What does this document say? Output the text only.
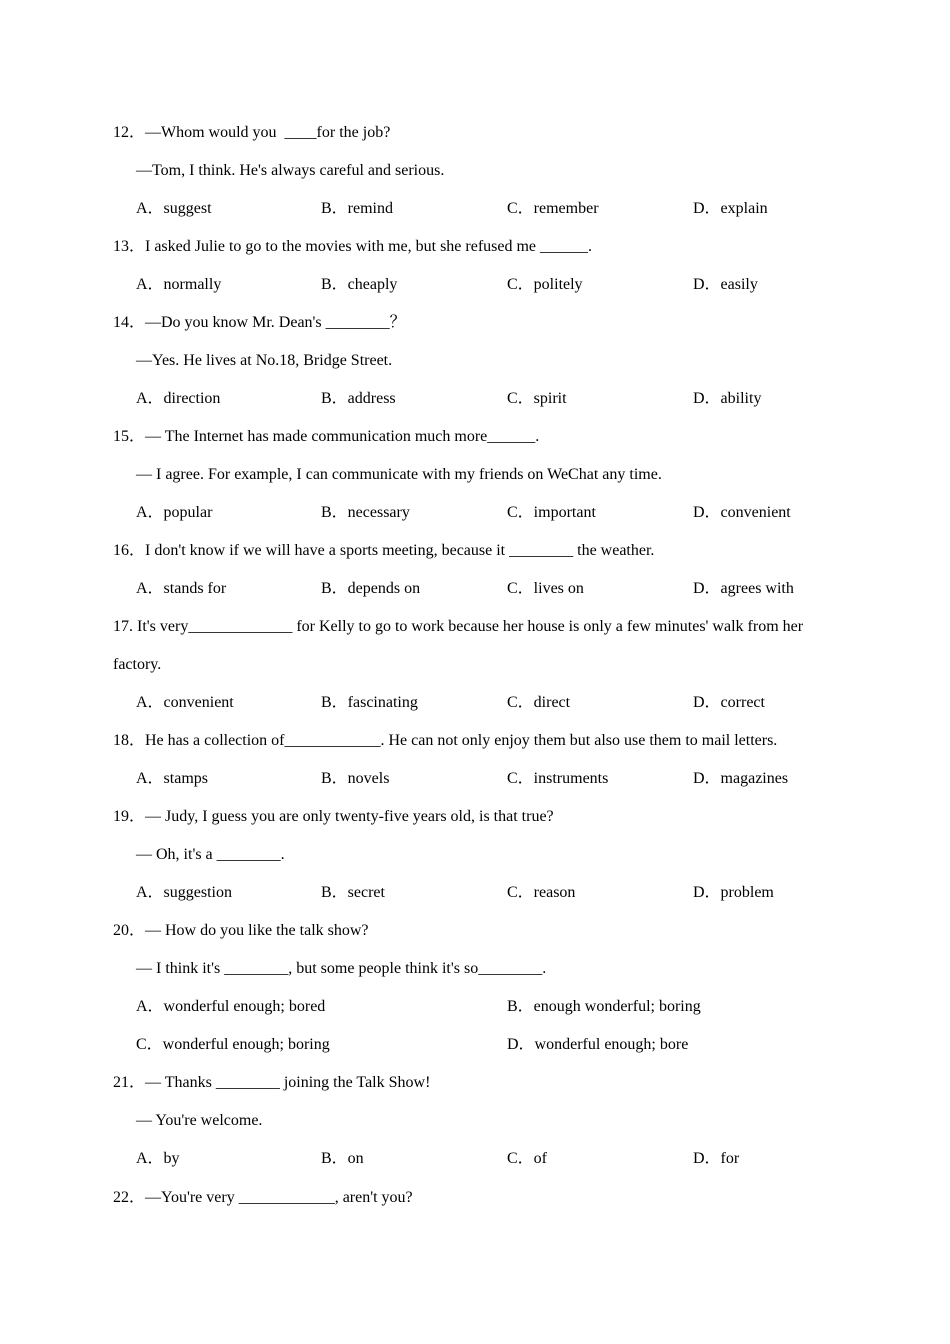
12．—Whom would you  ____for the job?
—Tom, I think. He's always careful and serious.
A．suggest	B．remind	C．remember	D．explain
13．I asked Julie to go to the movies with me, but she refused me ______.
A．normally	B．cheaply	C．politely	D．easily
14．—Do you know Mr. Dean's ________？
—Yes. He lives at No.18, Bridge Street.
A．direction	B．address	C．spirit	D．ability
15．— The Internet has made communication much more______.
— I agree. For example, I can communicate with my friends on WeChat any time.
A．popular	B．necessary	C．important	D．convenient
16．I don't know if we will have a sports meeting, because it ________ the weather.
A．stands for	B．depends on	C．lives on	D．agrees with
17. It's very_____________ for Kelly to go to work because her house is only a few minutes' walk from her
factory.
A．convenient	B．fascinating	C．direct	D．correct
18．He has a collection of____________. He can not only enjoy them but also use them to mail letters.
A．stamps	B．novels	C．instruments	D．magazines
19．— Judy, I guess you are only twenty-five years old, is that true?
— Oh, it's a ________.
A．suggestion	B．secret	C．reason	D．problem
20．— How do you like the talk show?
— I think it's ________, but some people think it's so________.
A．wonderful enough; bored	B．enough wonderful; boring
C．wonderful enough; boring	D．wonderful enough; bore
21．— Thanks ________ joining the Talk Show!
— You're welcome.
A．by	B．on	C．of	D．for
22．—You're very ____________, aren't you?
